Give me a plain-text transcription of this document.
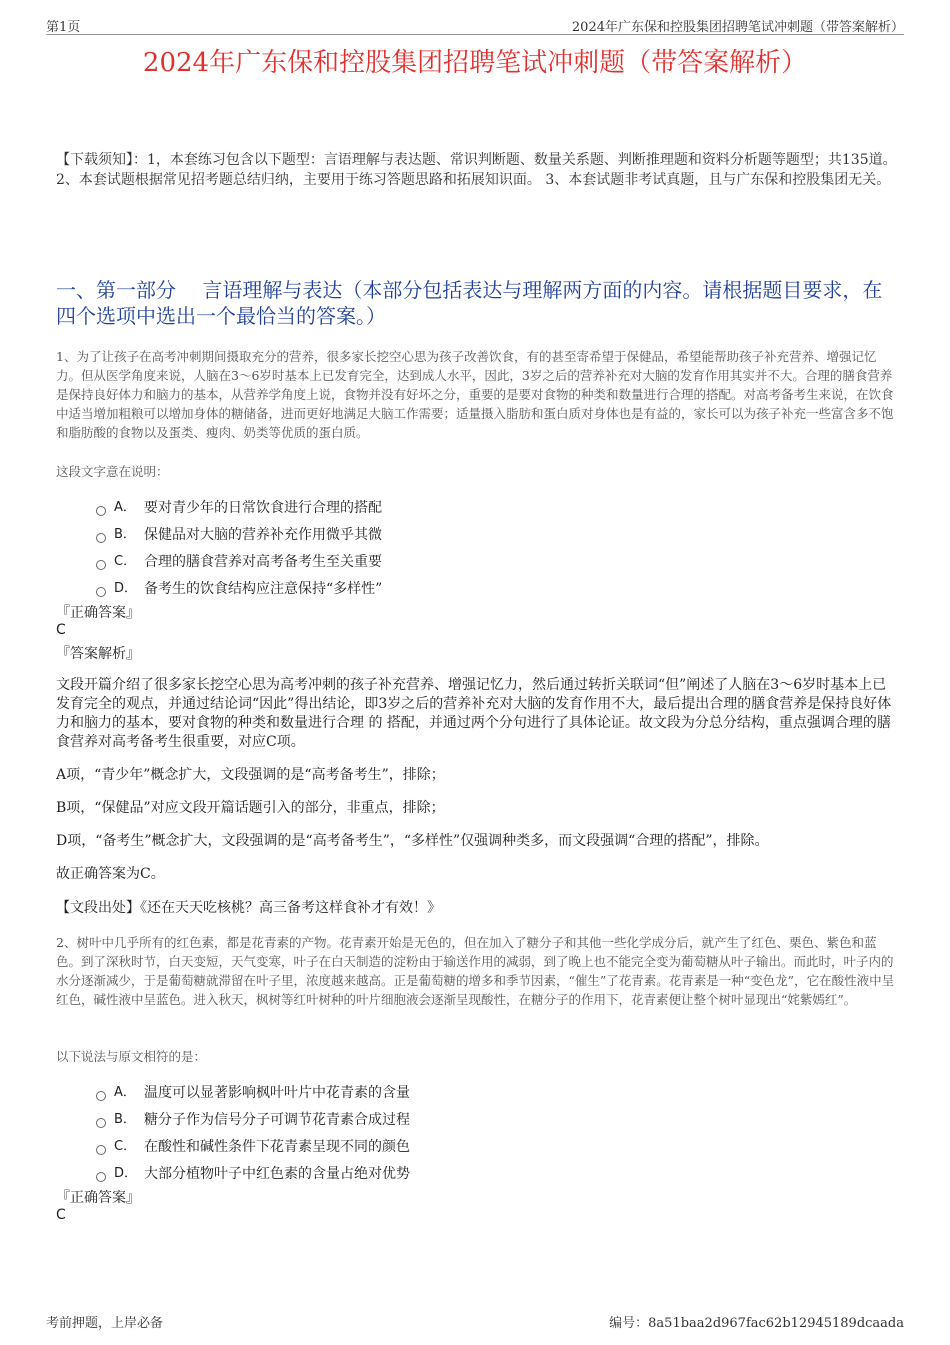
第1页	2024年广东保和控股集团招聘笔试冲刺题（带答案解析）
2024年广东保和控股集团招聘笔试冲刺题（带答案解析）
【下载须知】：1，本套练习包含以下题型：言语理解与表达题、常识判断题、数量关系题、判断推理题和资料分析题等题型；共135道。 2、本套试题根据常见招考题总结归纳，主要用于练习答题思路和拓展知识面。 3、本套试题非考试真题，且与广东保和控股集团无关。
一、第一部分　 言语理解与表达（本部分包括表达与理解两方面的内容。请根据题目要求，在四个选项中选出一个最恰当的答案。）

1、为了让孩子在高考冲刺期间摄取充分的营养，很多家长挖空心思为孩子改善饮食，有的甚至寄希望于保健品，希望能帮助孩子补充营养、增强记忆力。但从医学角度来说，人脑在3～6岁时基本上已发育完全，达到成人水平，因此，3岁之后的营养补充对大脑的发育作用其实并不大。合理的膳食营养是保持良好体力和脑力的基本，从营养学角度上说，食物并没有好坏之分，重要的是要对食物的种类和数量进行合理的搭配。对高考备考生来说，在饮食中适当增加粗粮可以增加身体的糖储备，进而更好地满足大脑工作需要；适量摄入脂肪和蛋白质对身体也是有益的，家长可以为孩子补充一些富含多不饱和脂肪酸的食物以及蛋类、瘦肉、奶类等优质的蛋白质。

这段文字意在说明：

A． 要对青少年的日常饮食进行合理的搭配
B． 保健品对大脑的营养补充作用微乎其微
C． 合理的膳食营养对高考备考生至关重要
D． 备考生的饮食结构应注意保持“多样性”

『正确答案』

C

『答案解析』

文段开篇介绍了很多家长挖空心思为高考冲刺的孩子补充营养、增强记忆力，然后通过转折关联词“但”阐述了人脑在3～6岁时基本上已发育完全的观点，并通过结论词“因此”得出结论，即3岁之后的营养补充对大脑的发育作用不大，最后提出合理的膳食营养是保持良好体力和脑力的基本，要对食物的种类和数量进行合理 的 搭配，并通过两个分句进行了具体论证。故文段为分总分结构，重点强调合理的膳食营养对高考备考生很重要，对应C项。

A项，“青少年”概念扩大，文段强调的是“高考备考生”，排除；

B项，“保健品”对应文段开篇话题引入的部分，非重点，排除；

D项，“备考生”概念扩大，文段强调的是“高考备考生”，“多样性”仅强调种类多，而文段强调“合理的搭配”，排除。

故正确答案为C。

【文段出处】《还在天天吃核桃？高三备考这样食补才有效！》

2、树叶中几乎所有的红色素，都是花青素的产物。花青素开始是无色的，但在加入了糖分子和其他一些化学成分后，就产生了红色、栗色、紫色和蓝色。到了深秋时节，白天变短，天气变寒，叶子在白天制造的淀粉由于输送作用的减弱，到了晚上也不能完全变为葡萄糖从叶子输出。而此时，叶子内的水分逐渐减少，于是葡萄糖就滞留在叶子里，浓度越来越高。正是葡萄糖的增多和季节因素，“催生”了花青素。花青素是一种“变色龙”，它在酸性液中呈红色，碱性液中呈蓝色。进入秋天，枫树等红叶树种的叶片细胞液会逐渐呈现酸性，在糖分子的作用下，花青素便让整个树叶显现出“姹紫嫣红”。

以下说法与原文相符的是：

A． 温度可以显著影响枫叶叶片中花青素的含量
B． 糖分子作为信号分子可调节花青素合成过程
C． 在酸性和碱性条件下花青素呈现不同的颜色
D． 大部分植物叶子中红色素的含量占绝对优势

『正确答案』

C

考前押题，上岸必备	编号：8a51baa2d967fac62b12945189dcaada
